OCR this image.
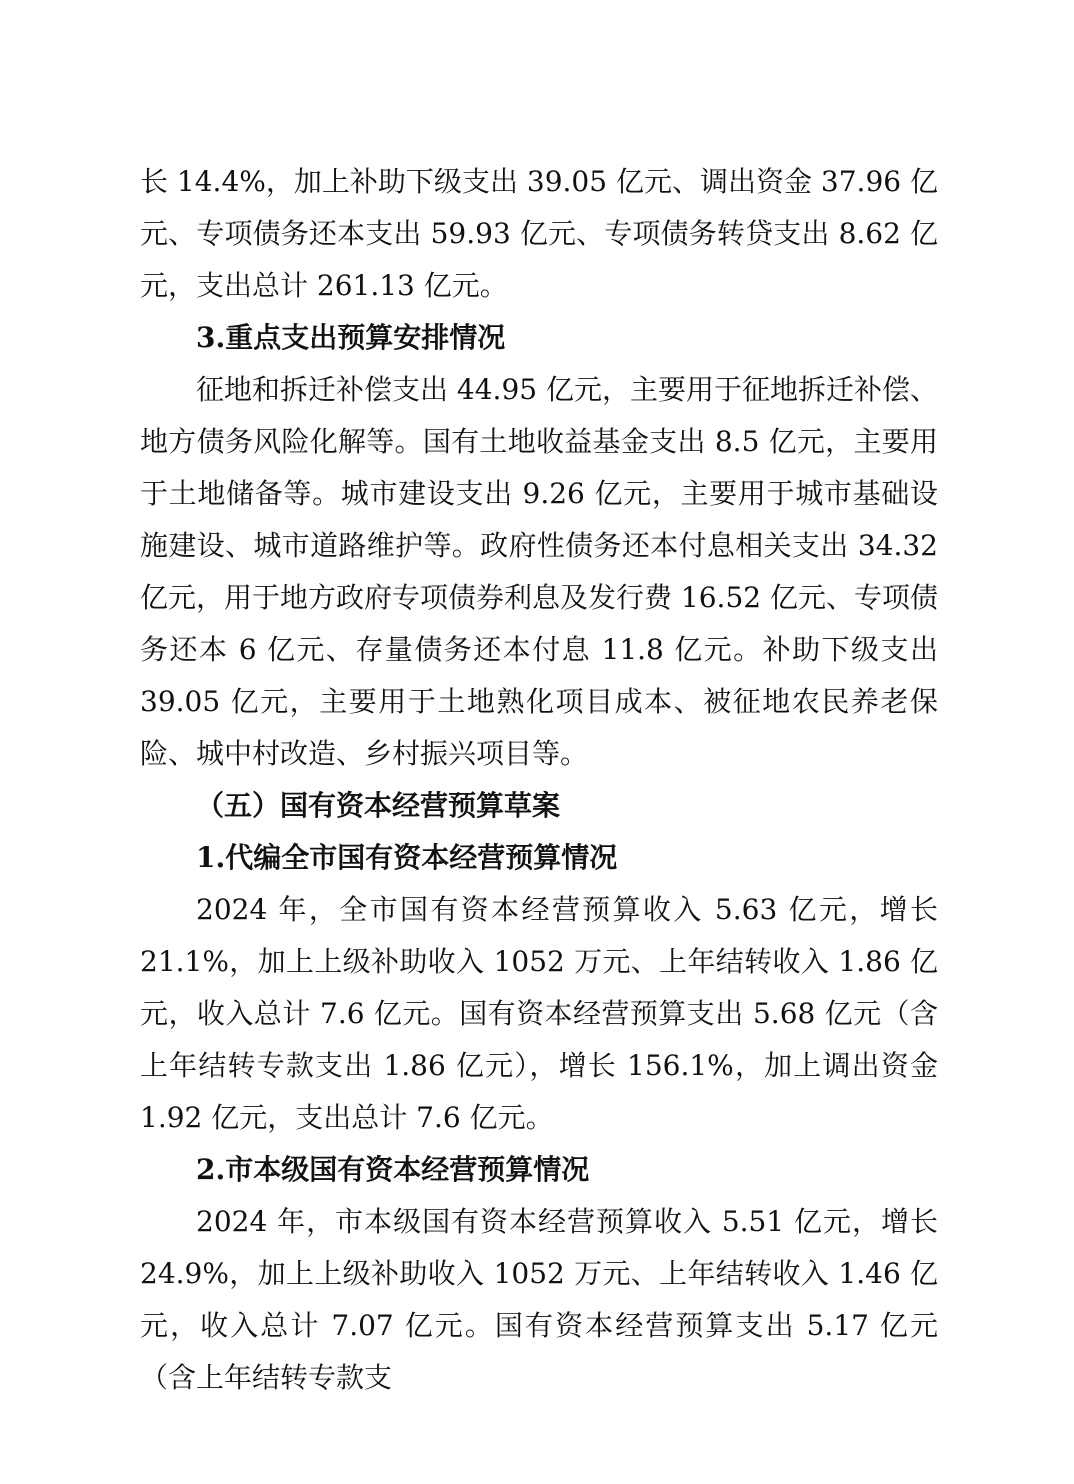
长 14.4%，加上补助下级支出 39.05 亿元、调出资金 37.96 亿元、专项债务还本支出 59.93 亿元、专项债务转贷支出 8.62 亿元，支出总计 261.13 亿元。

3.重点支出预算安排情况

征地和拆迁补偿支出 44.95 亿元，主要用于征地拆迁补偿、地方债务风险化解等。国有土地收益基金支出 8.5 亿元，主要用于土地储备等。城市建设支出 9.26 亿元，主要用于城市基础设施建设、城市道路维护等。政府性债务还本付息相关支出 34.32 亿元，用于地方政府专项债券利息及发行费 16.52 亿元、专项债务还本 6 亿元、存量债务还本付息 11.8 亿元。补助下级支出 39.05 亿元，主要用于土地熟化项目成本、被征地农民养老保险、城中村改造、乡村振兴项目等。

（五）国有资本经营预算草案

1.代编全市国有资本经营预算情况

2024 年，全市国有资本经营预算收入 5.63 亿元，增长 21.1%，加上上级补助收入 1052 万元、上年结转收入 1.86 亿元，收入总计 7.6 亿元。国有资本经营预算支出 5.68 亿元（含上年结转专款支出 1.86 亿元），增长 156.1%，加上调出资金 1.92 亿元，支出总计 7.6 亿元。

2.市本级国有资本经营预算情况

2024 年，市本级国有资本经营预算收入 5.51 亿元，增长 24.9%，加上上级补助收入 1052 万元、上年结转收入 1.46 亿元，收入总计 7.07 亿元。国有资本经营预算支出 5.17 亿元（含上年结转专款支
